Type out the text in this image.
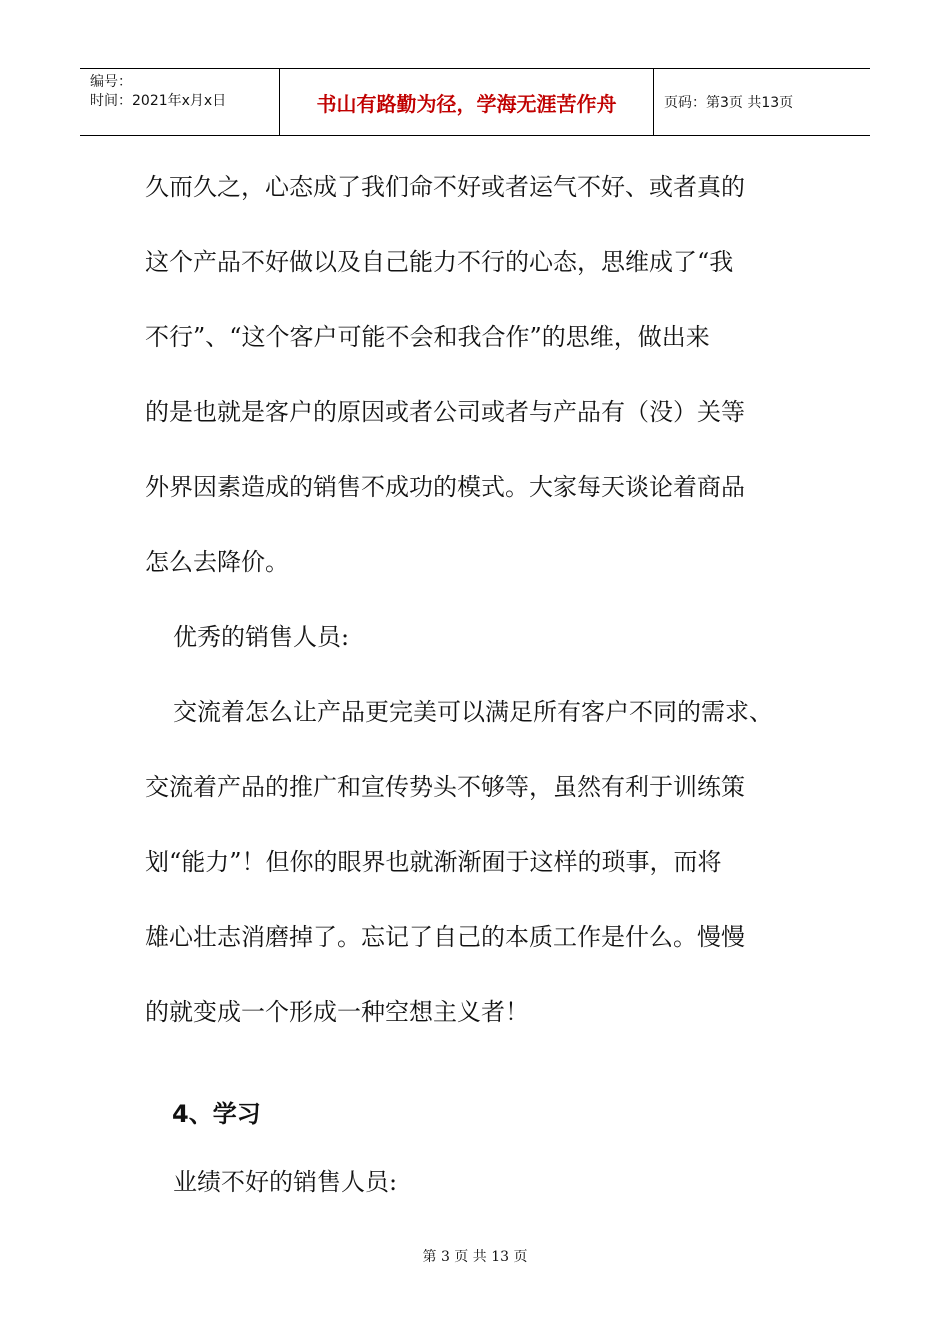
编号：
时间：2021年x月x日	书山有路勤为径，学海无涯苦作舟	页码：第3页 共13页

久而久之，心态成了我们命不好或者运气不好、或者真的

这个产品不好做以及自己能力不行的心态，思维成了“我

不行”、“这个客户可能不会和我合作”的思维，做出来

的是也就是客户的原因或者公司或者与产品有（没）关等

外界因素造成的销售不成功的模式。大家每天谈论着商品

怎么去降价。

优秀的销售人员:

交流着怎么让产品更完美可以满足所有客户不同的需求、

交流着产品的推广和宣传势头不够等，虽然有利于训练策

划“能力”！但你的眼界也就渐渐囿于这样的琐事，而将

雄心壮志消磨掉了。忘记了自己的本质工作是什么。慢慢

的就变成一个形成一种空想主义者！

4、学习

业绩不好的销售人员:

第 3 页 共 13 页
